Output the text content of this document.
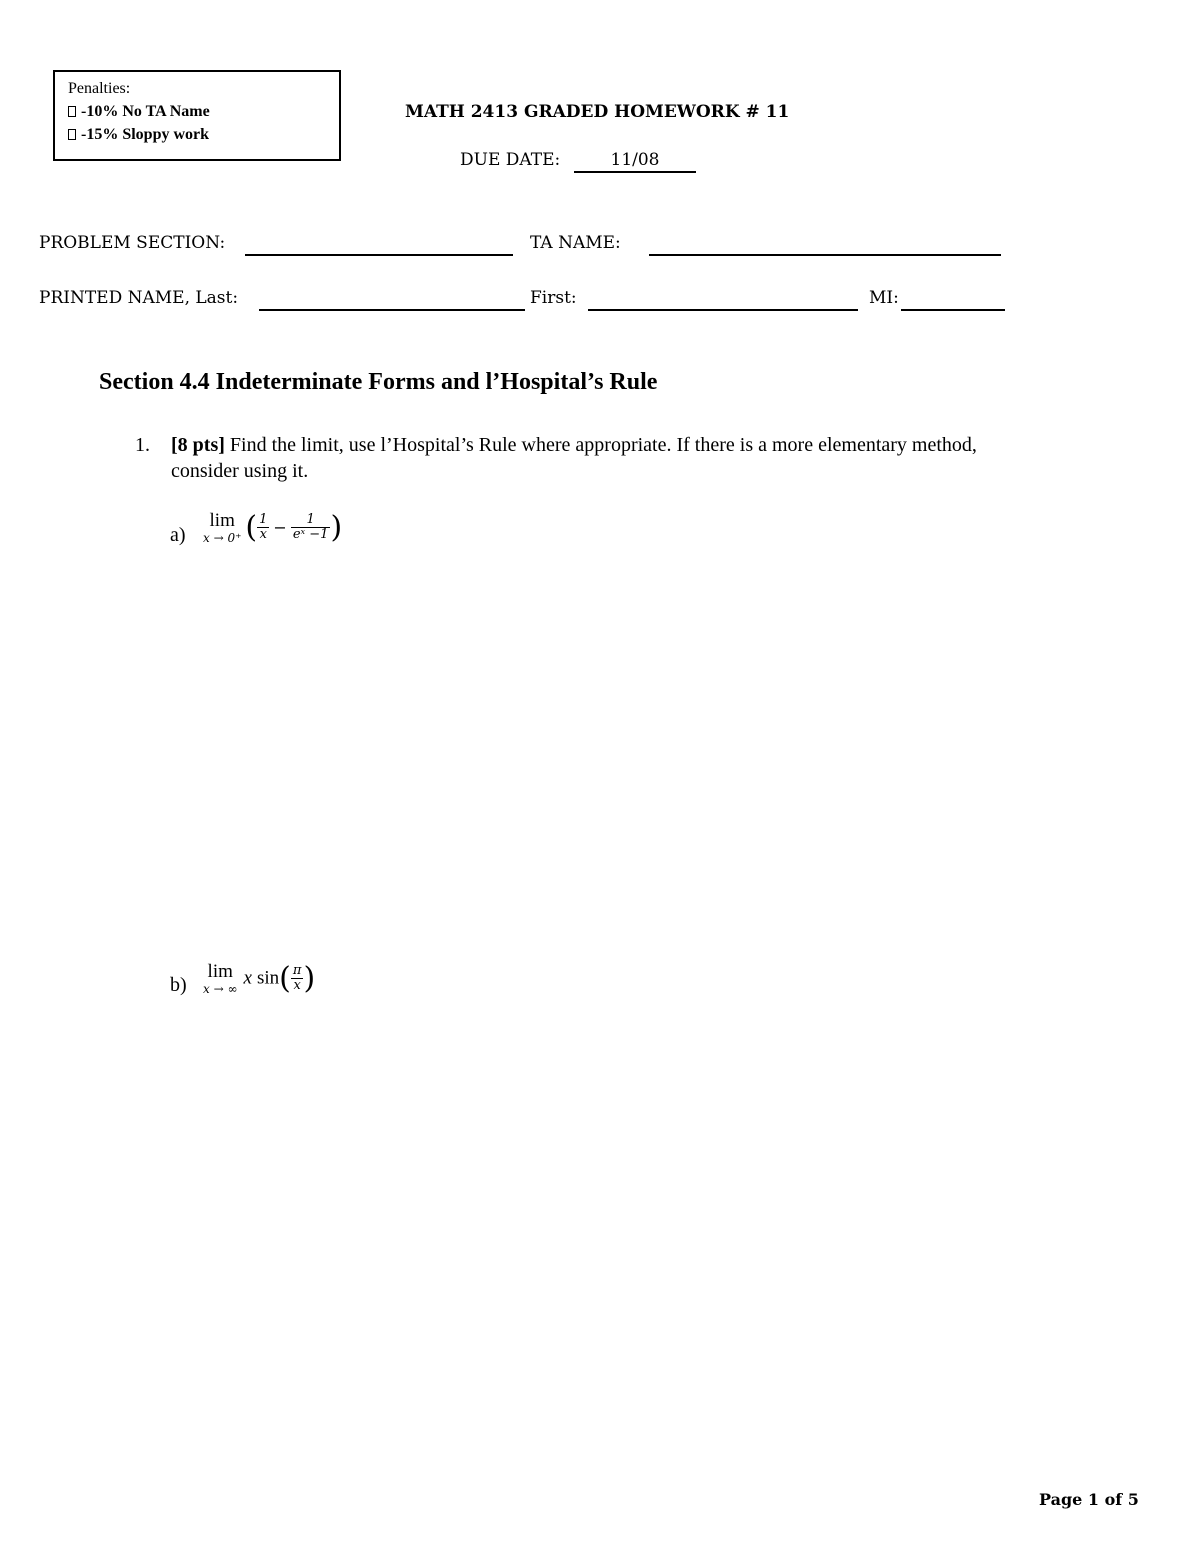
Penalties:
-10% No TA Name
-15% Sloppy work
MATH 2413 GRADED HOMEWORK # 11
DUE DATE:	11/08
PROBLEM SECTION:	TA NAME:
PRINTED NAME, Last:	First:	MI:
Section 4.4 Indeterminate Forms and l’Hospital’s Rule
1. [8 pts] Find the limit, use l’Hospital’s Rule where appropriate. If there is a more elementary method,
consider using it.
a)
lim
x → 0⁺ ( $\frac{1}{x} - \frac{1}{\text{eˣ −1}}$ )
b)
lim
x → ∞
x $\sin( \frac{\pi}{x}$ )
Page 1 of 5
